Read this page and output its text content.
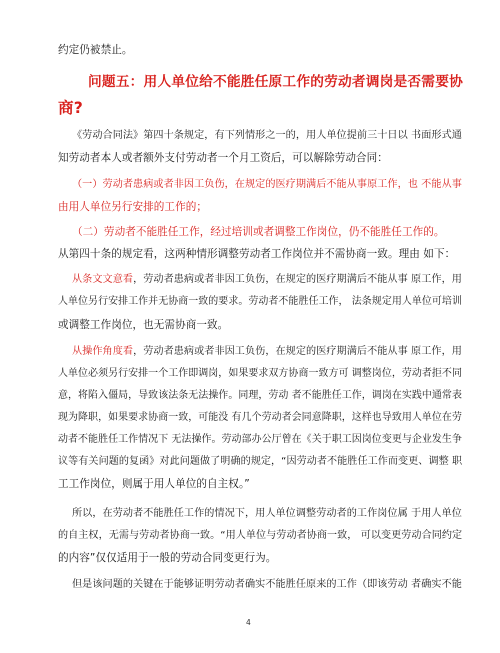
约定仍被禁止。
问题五：用人单位给不能胜任原工作的劳动者调岗是否需要协
商?
《劳动合同法》第四十条规定，有下列情形之一的，用人单位提前三十日以 书面形式通
知劳动者本人或者额外支付劳动者一个月工资后，可以解除劳动合同：
（一）劳动者患病或者非因工负伤，在规定的医疗期满后不能从事原工作，也 不能从事
由用人单位另行安排的工作的；
（二）劳动者不能胜任工作，经过培训或者调整工作岗位，仍不能胜任工作的。
从第四十条的规定看，这两种情形调整劳动者工作岗位并不需协商一致。理由 如下：
从条文文意看，劳动者患病或者非因工负伤，在规定的医疗期满后不能从事 原工作，用
人单位另行安排工作并无协商一致的要求。劳动者不能胜任工作， 法条规定用人单位可培训
或调整工作岗位，也无需协商一致。
从操作角度看，劳动者患病或者非因工负伤，在规定的医疗期满后不能从事 原工作，用
人单位必须另行安排一个工作即调岗，如果要求双方协商一致方可 调整岗位，劳动者拒不同
意，将陷入僵局，导致该法条无法操作。同理，劳动 者不能胜任工作，调岗在实践中通常表
现为降职，如果要求协商一致，可能没 有几个劳动者会同意降职，这样也导致用人单位在劳
动者不能胜任工作情况下 无法操作。劳动部办公厅曾在《关于职工因岗位变更与企业发生争
议等有关问题的复函》对此问题做了明确的规定，“因劳动者不能胜任工作而变更、调整 职
工工作岗位，则属于用人单位的自主权。”
所以，在劳动者不能胜任工作的情况下，用人单位调整劳动者的工作岗位属 于用人单位
的自主权，无需与劳动者协商一致。“用人单位与劳动者协商一致， 可以变更劳动合同约定
的内容”仅仅适用于一般的劳动合同变更行为。
但是该问题的关键在于能够证明劳动者确实不能胜任原来的工作（即该劳动 者确实不能
4
